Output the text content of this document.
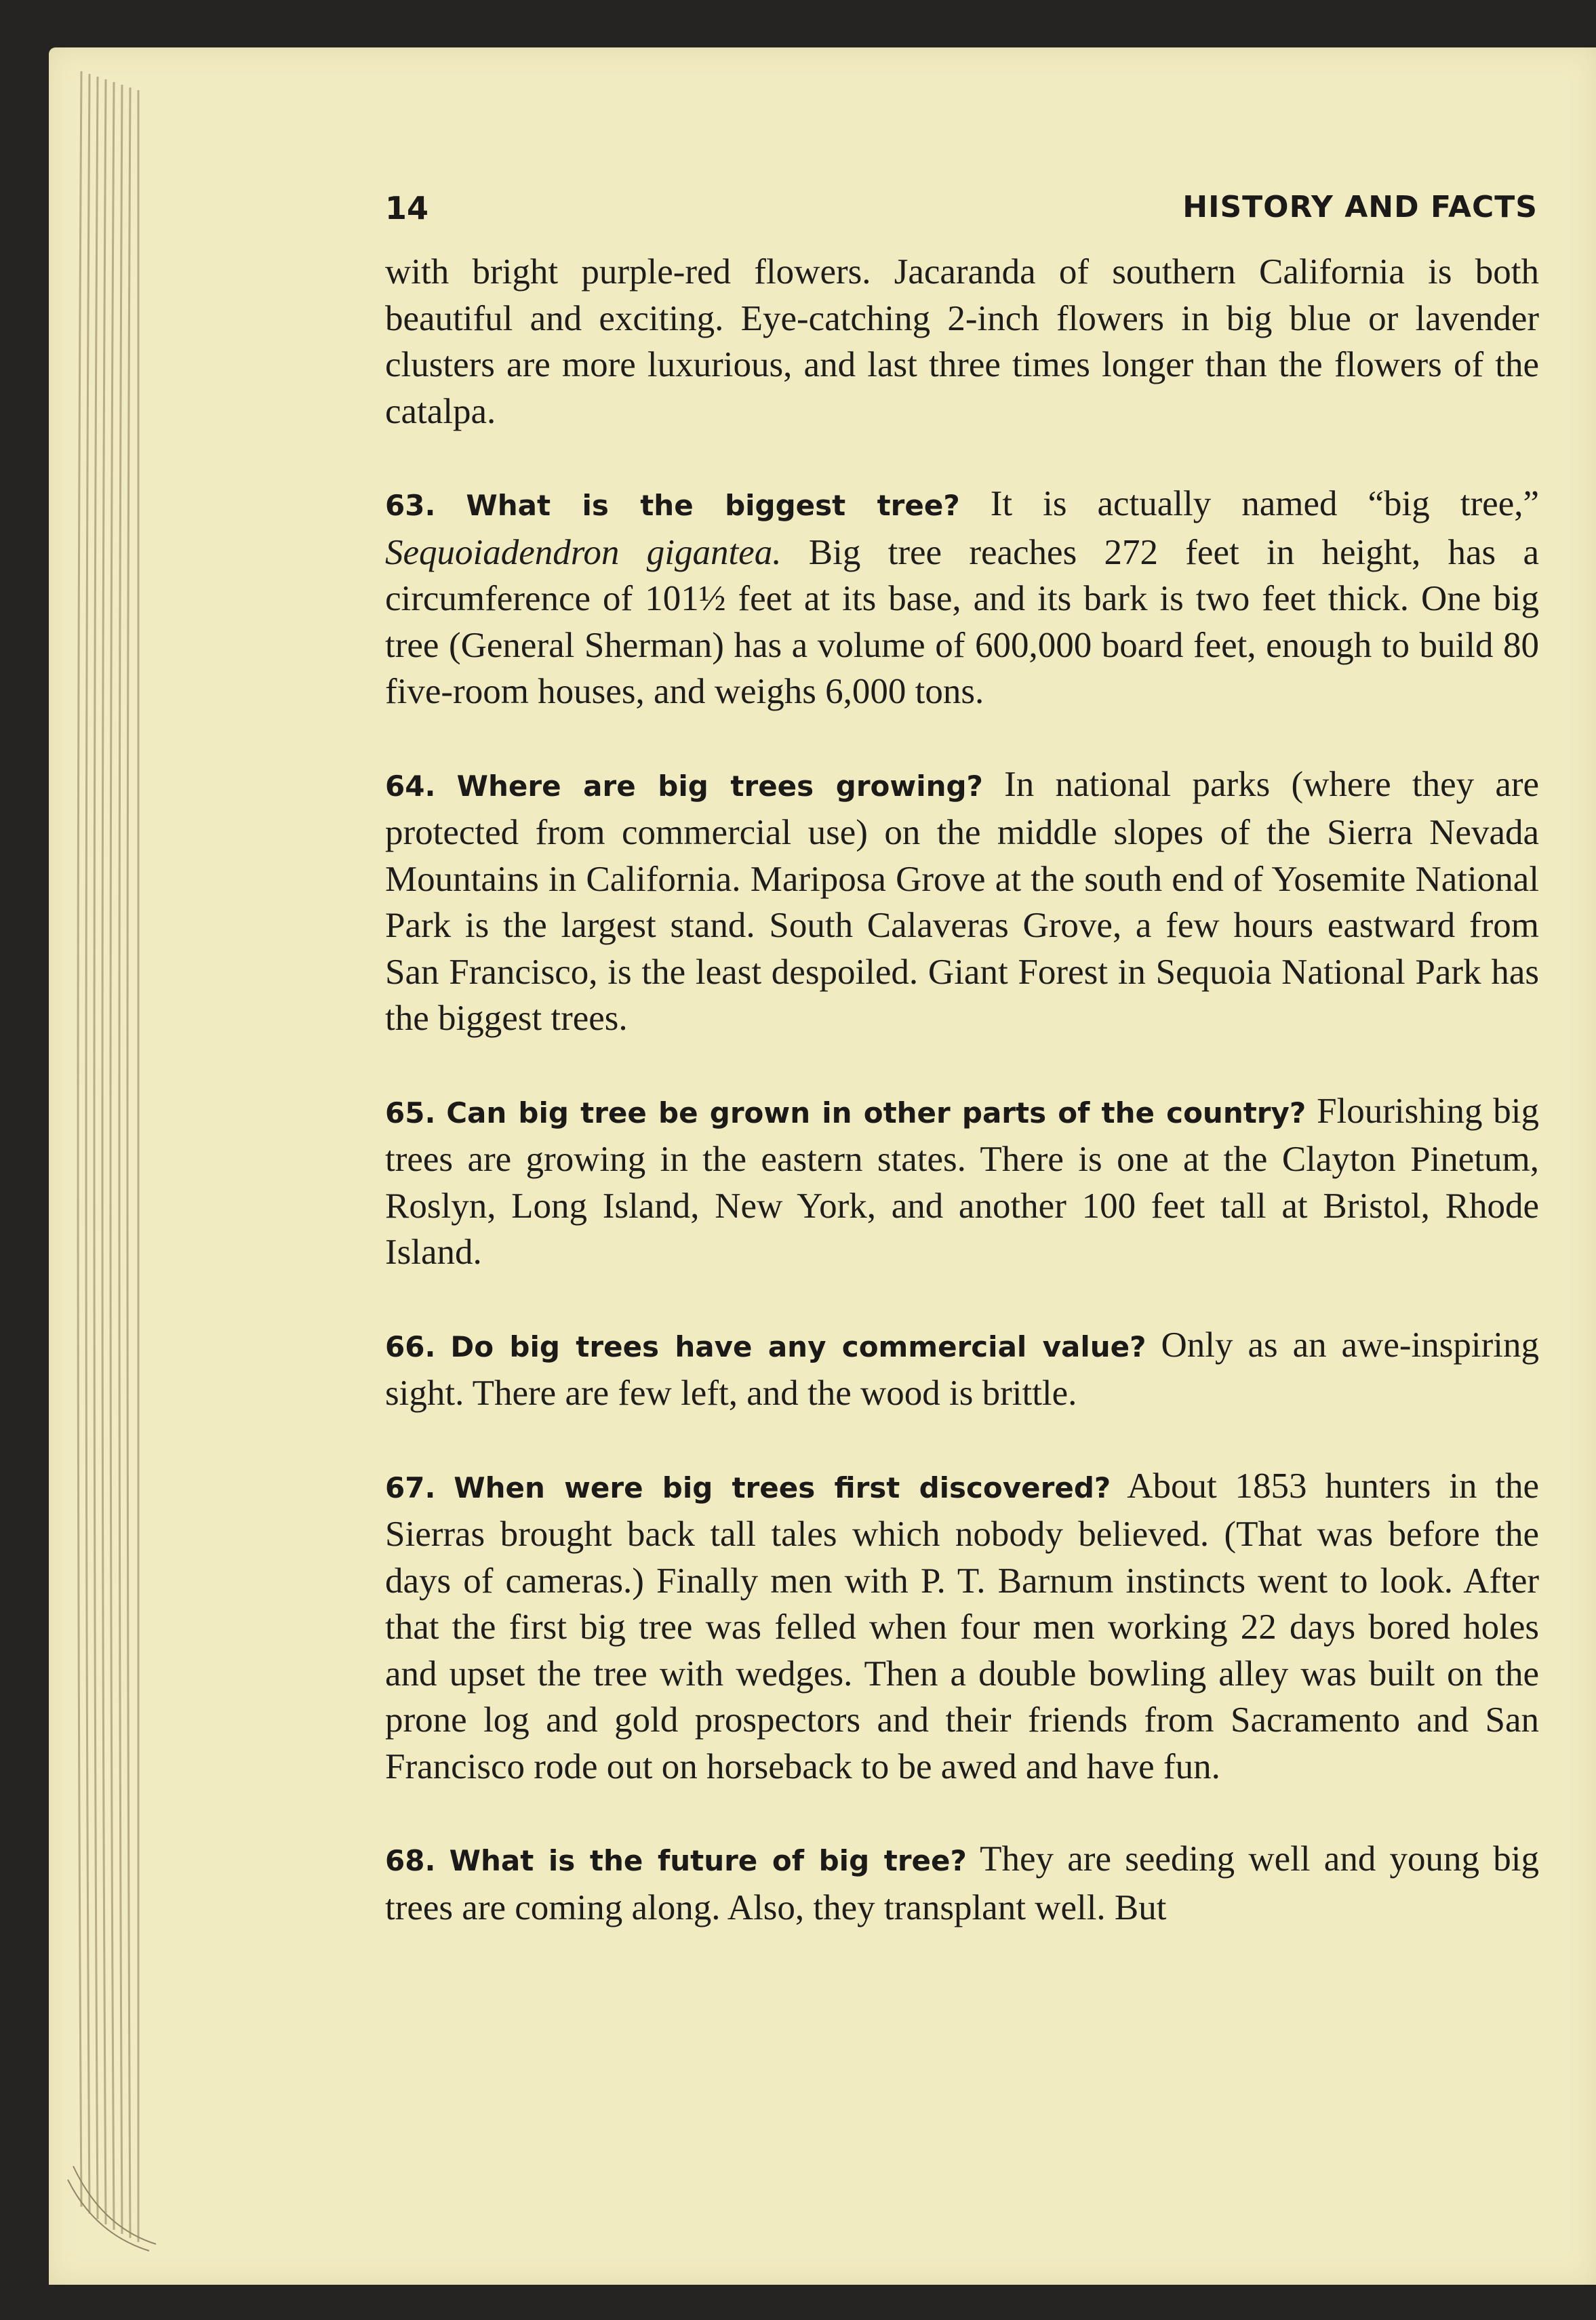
14	HISTORY AND FACTS

with bright purple-red flowers. Jacaranda of southern California is both beautiful and exciting. Eye-catching 2-inch flowers in big blue or lavender clusters are more luxurious, and last three times longer than the flowers of the catalpa.

63. What is the biggest tree? It is actually named “big tree,” Sequoiadendron gigantea. Big tree reaches 272 feet in height, has a circumference of 101½ feet at its base, and its bark is two feet thick. One big tree (General Sherman) has a volume of 600,000 board feet, enough to build 80 five-room houses, and weighs 6,000 tons.

64. Where are big trees growing? In national parks (where they are protected from commercial use) on the middle slopes of the Sierra Nevada Mountains in California. Mariposa Grove at the south end of Yosemite National Park is the largest stand. South Calaveras Grove, a few hours eastward from San Francisco, is the least despoiled. Giant Forest in Sequoia National Park has the biggest trees.

65. Can big tree be grown in other parts of the country? Flourishing big trees are growing in the eastern states. There is one at the Clayton Pinetum, Roslyn, Long Island, New York, and another 100 feet tall at Bristol, Rhode Island.

66. Do big trees have any commercial value? Only as an awe-inspiring sight. There are few left, and the wood is brittle.

67. When were big trees first discovered? About 1853 hunters in the Sierras brought back tall tales which nobody believed. (That was before the days of cameras.) Finally men with P. T. Barnum instincts went to look. After that the first big tree was felled when four men working 22 days bored holes and upset the tree with wedges. Then a double bowling alley was built on the prone log and gold prospectors and their friends from Sacramento and San Francisco rode out on horseback to be awed and have fun.

68. What is the future of big tree? They are seeding well and young big trees are coming along. Also, they transplant well. But
